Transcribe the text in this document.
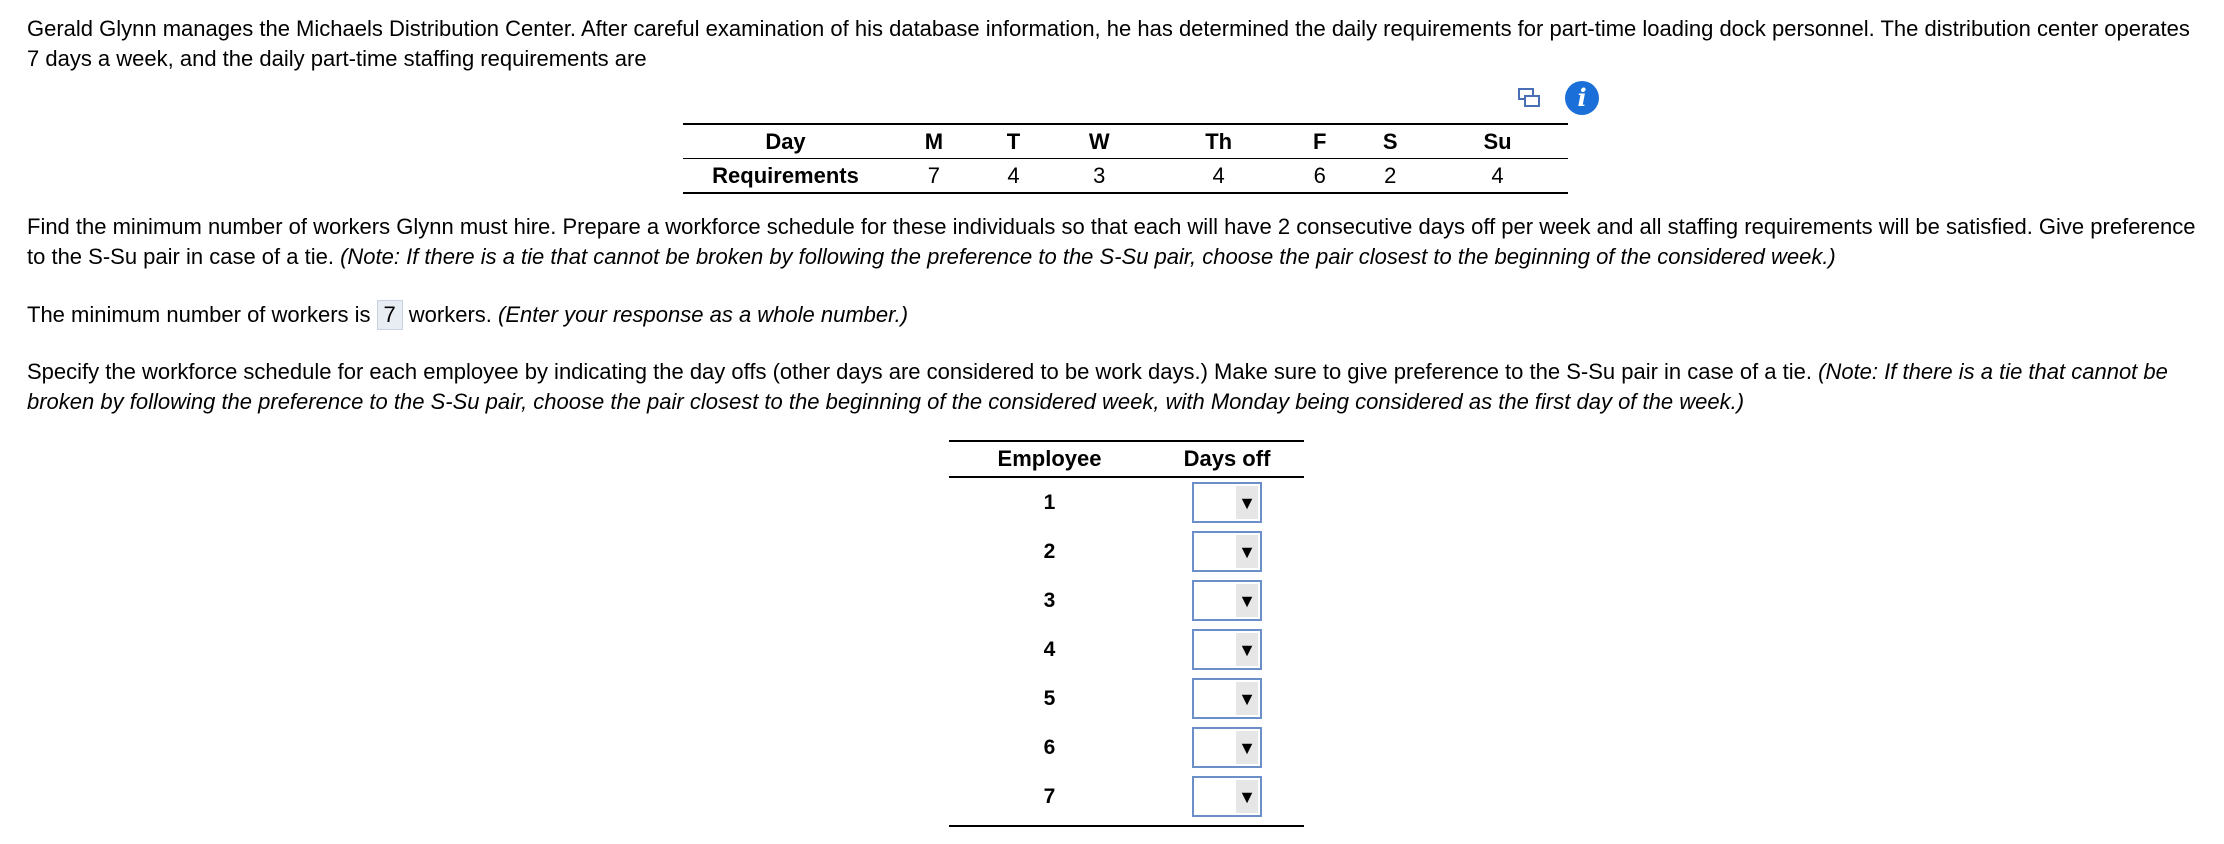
Gerald Glynn manages the Michaels Distribution Center. After careful examination of his database information, he has determined the daily requirements for part-time loading dock personnel. The distribution center operates 7 days a week, and the daily part-time staffing requirements are
i
Day	M	T	W	Th	F	S	Su
Requirements	7	4	3	4	6	2	4
Find the minimum number of workers Glynn must hire. Prepare a workforce schedule for these individuals so that each will have 2 consecutive days off per week and all staffing requirements will be satisfied. Give preference to the S-Su pair in case of a tie. (Note: If there is a tie that cannot be broken by following the preference to the S-Su pair, choose the pair closest to the beginning of the considered week.)
The minimum number of workers is 7 workers. (Enter your response as a whole number.)
Specify the workforce schedule for each employee by indicating the day offs (other days are considered to be work days.) Make sure to give preference to the S-Su pair in case of a tie. (Note: If there is a tie that cannot be broken by following the preference to the S-Su pair, choose the pair closest to the beginning of the considered week, with Monday being considered as the first day of the week.)
Employee	Days off
1	▼
2	▼
3	▼
4	▼
5	▼
6	▼
7	▼
